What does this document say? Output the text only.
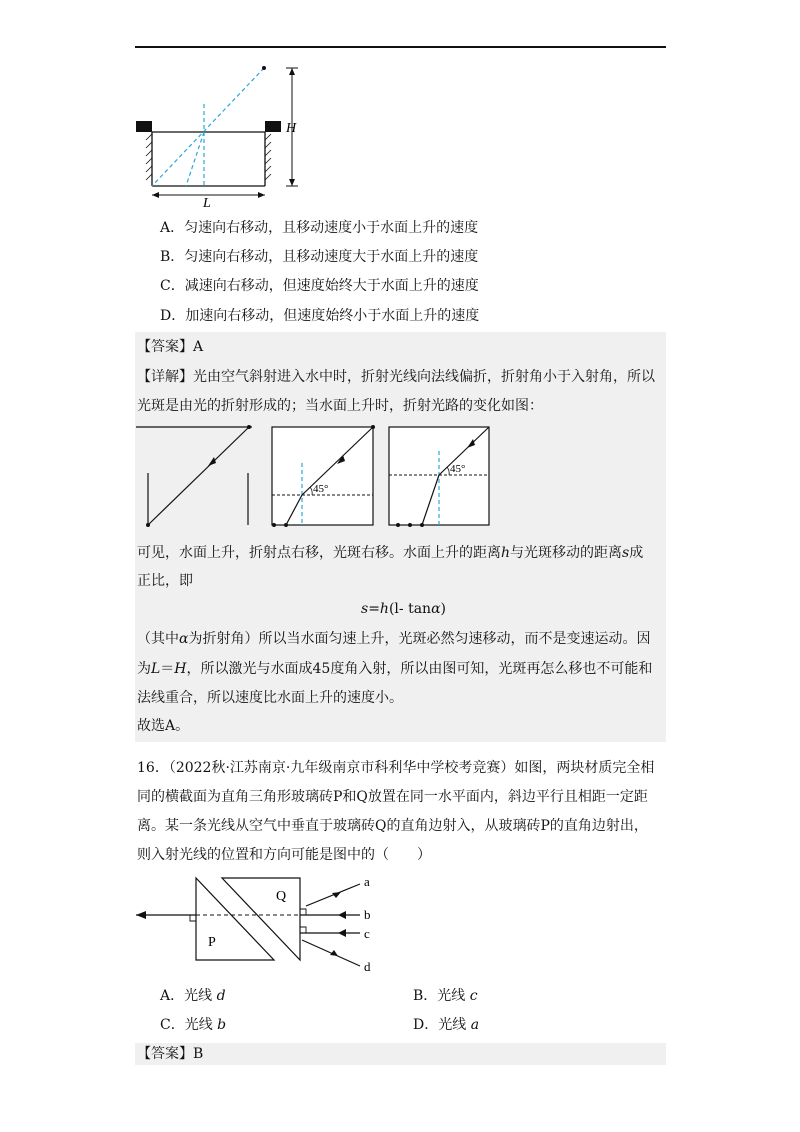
H
L
A．匀速向右移动，且移动速度小于水面上升的速度
B．匀速向右移动，且移动速度大于水面上升的速度
C．减速向右移动，但速度始终大于水面上升的速度
D．加速向右移动，但速度始终小于水面上升的速度
【答案】A
【详解】光由空气斜射进入水中时，折射光线向法线偏折，折射角小于入射角，所以
光斑是由光的折射形成的；当水面上升时，折射光路的变化如图：
45°
45°
可见，水面上升，折射点右移，光斑右移。水面上升的距离h与光斑移动的距离s成
正比，即
s=h(l- tanα)
（其中α为折射角）所以当水面匀速上升，光斑必然匀速移动，而不是变速运动。因
为L＝H，所以激光与水面成45度角入射，所以由图可知，光斑再怎么移也不可能和
法线重合，所以速度比水面上升的速度小。
故选A。
16．（2022秋·江苏南京·九年级南京市科利华中学校考竞赛）如图，两块材质完全相
同的横截面为直角三角形玻璃砖P和Q放置在同一水平面内，斜边平行且相距一定距
离。某一条光线从空气中垂直于玻璃砖Q的直角边射入，从玻璃砖P的直角边射出，
则入射光线的位置和方向可能是图中的（　　）
Q
P
a
b
c
d
A．光线 d	B．光线 c
C．光线 b	D．光线 a
【答案】B
